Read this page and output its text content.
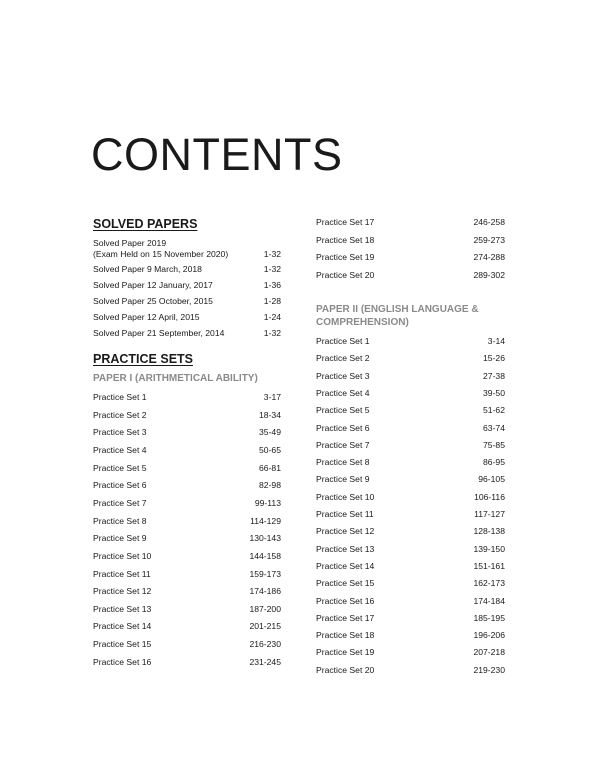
CONTENTS
SOLVED PAPERS
Solved Paper 2019
(Exam Held on 15 November 2020)	1-32
Solved Paper 9 March, 2018	1-32
Solved Paper 12 January, 2017	1-36
Solved Paper 25 October, 2015	1-28
Solved Paper 12 April, 2015	1-24
Solved Paper 21 September, 2014	1-32
PRACTICE SETS
PAPER I (ARITHMETICAL ABILITY)
Practice Set 1	3-17
Practice Set 2	18-34
Practice Set 3	35-49
Practice Set 4	50-65
Practice Set 5	66-81
Practice Set 6	82-98
Practice Set 7	99-113
Practice Set 8	114-129
Practice Set 9	130-143
Practice Set 10	144-158
Practice Set 11	159-173
Practice Set 12	174-186
Practice Set 13	187-200
Practice Set 14	201-215
Practice Set 15	216-230
Practice Set 16	231-245
Practice Set 17	246-258
Practice Set 18	259-273
Practice Set 19	274-288
Practice Set 20	289-302
PAPER II (ENGLISH LANGUAGE &
COMPREHENSION)
Practice Set 1	3-14
Practice Set 2	15-26
Practice Set 3	27-38
Practice Set 4	39-50
Practice Set 5	51-62
Practice Set 6	63-74
Practice Set 7	75-85
Practice Set 8	86-95
Practice Set 9	96-105
Practice Set 10	106-116
Practice Set 11	117-127
Practice Set 12	128-138
Practice Set 13	139-150
Practice Set 14	151-161
Practice Set 15	162-173
Practice Set 16	174-184
Practice Set 17	185-195
Practice Set 18	196-206
Practice Set 19	207-218
Practice Set 20	219-230
